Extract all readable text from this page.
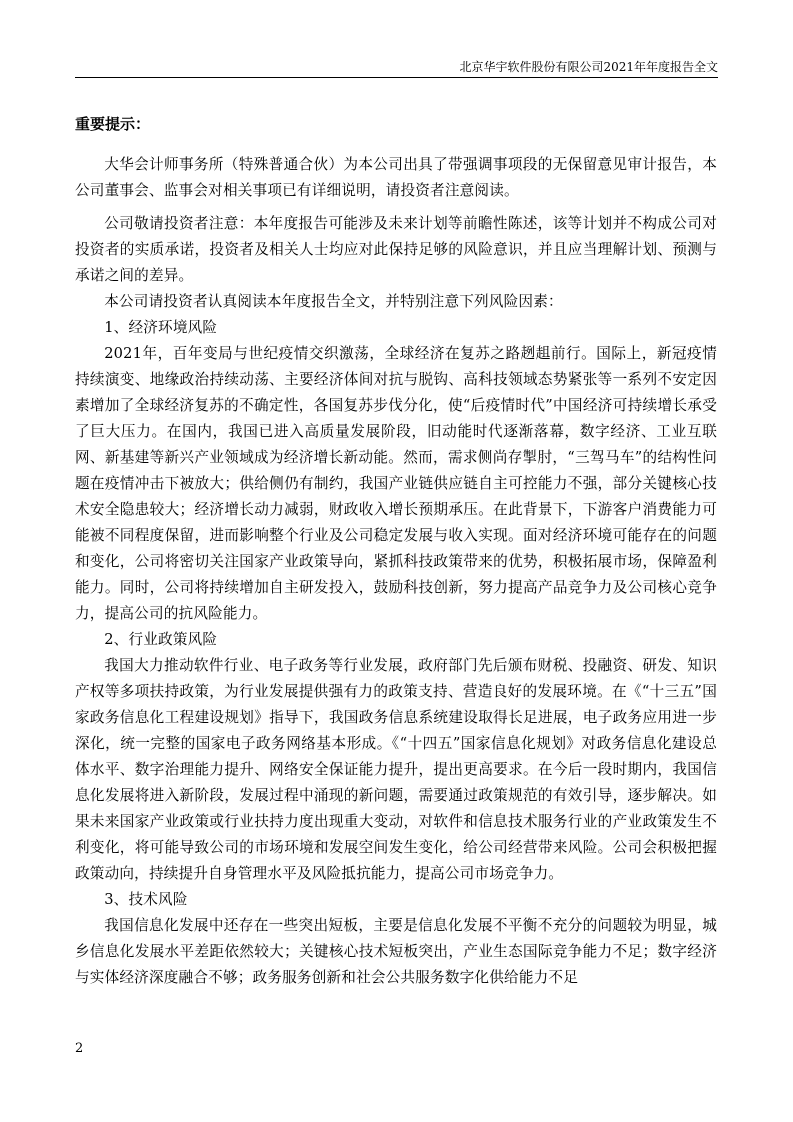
北京华宇软件股份有限公司2021年年度报告全文
重要提示：

大华会计师事务所（特殊普通合伙）为本公司出具了带强调事项段的无保留意见审计报告，本公司董事会、监事会对相关事项已有详细说明，请投资者注意阅读。

公司敬请投资者注意：本年度报告可能涉及未来计划等前瞻性陈述，该等计划并不构成公司对投资者的实质承诺，投资者及相关人士均应对此保持足够的风险意识，并且应当理解计划、预测与承诺之间的差异。

本公司请投资者认真阅读本年度报告全文，并特别注意下列风险因素：

1、经济环境风险

2021年，百年变局与世纪疫情交织激荡，全球经济在复苏之路趔趄前行。国际上，新冠疫情持续演变、地缘政治持续动荡、主要经济体间对抗与脱钩、高科技领域态势紧张等一系列不安定因素增加了全球经济复苏的不确定性，各国复苏步伐分化，使“后疫情时代”中国经济可持续增长承受了巨大压力。在国内，我国已进入高质量发展阶段，旧动能时代逐渐落幕，数字经济、工业互联网、新基建等新兴产业领域成为经济增长新动能。然而，需求侧尚存掣肘，“三驾马车”的结构性问题在疫情冲击下被放大；供给侧仍有制约，我国产业链供应链自主可控能力不强，部分关键核心技术安全隐患较大；经济增长动力减弱，财政收入增长预期承压。在此背景下，下游客户消费能力可能被不同程度保留，进而影响整个行业及公司稳定发展与收入实现。面对经济环境可能存在的问题和变化，公司将密切关注国家产业政策导向，紧抓科技政策带来的优势，积极拓展市场，保障盈利能力。同时，公司将持续增加自主研发投入，鼓励科技创新，努力提高产品竞争力及公司核心竞争力，提高公司的抗风险能力。

2、行业政策风险

我国大力推动软件行业、电子政务等行业发展，政府部门先后颁布财税、投融资、研发、知识产权等多项扶持政策，为行业发展提供强有力的政策支持、营造良好的发展环境。在《“十三五”国家政务信息化工程建设规划》指导下，我国政务信息系统建设取得长足进展，电子政务应用进一步深化，统一完整的国家电子政务网络基本形成。《“十四五”国家信息化规划》对政务信息化建设总体水平、数字治理能力提升、网络安全保证能力提升，提出更高要求。在今后一段时期内，我国信息化发展将进入新阶段，发展过程中涌现的新问题，需要通过政策规范的有效引导，逐步解决。如果未来国家产业政策或行业扶持力度出现重大变动，对软件和信息技术服务行业的产业政策发生不利变化，将可能导致公司的市场环境和发展空间发生变化，给公司经营带来风险。公司会积极把握政策动向，持续提升自身管理水平及风险抵抗能力，提高公司市场竞争力。

3、技术风险

我国信息化发展中还存在一些突出短板，主要是信息化发展不平衡不充分的问题较为明显，城乡信息化发展水平差距依然较大；关键核心技术短板突出，产业生态国际竞争能力不足；数字经济与实体经济深度融合不够；政务服务创新和社会公共服务数字化供给能力不足

2
